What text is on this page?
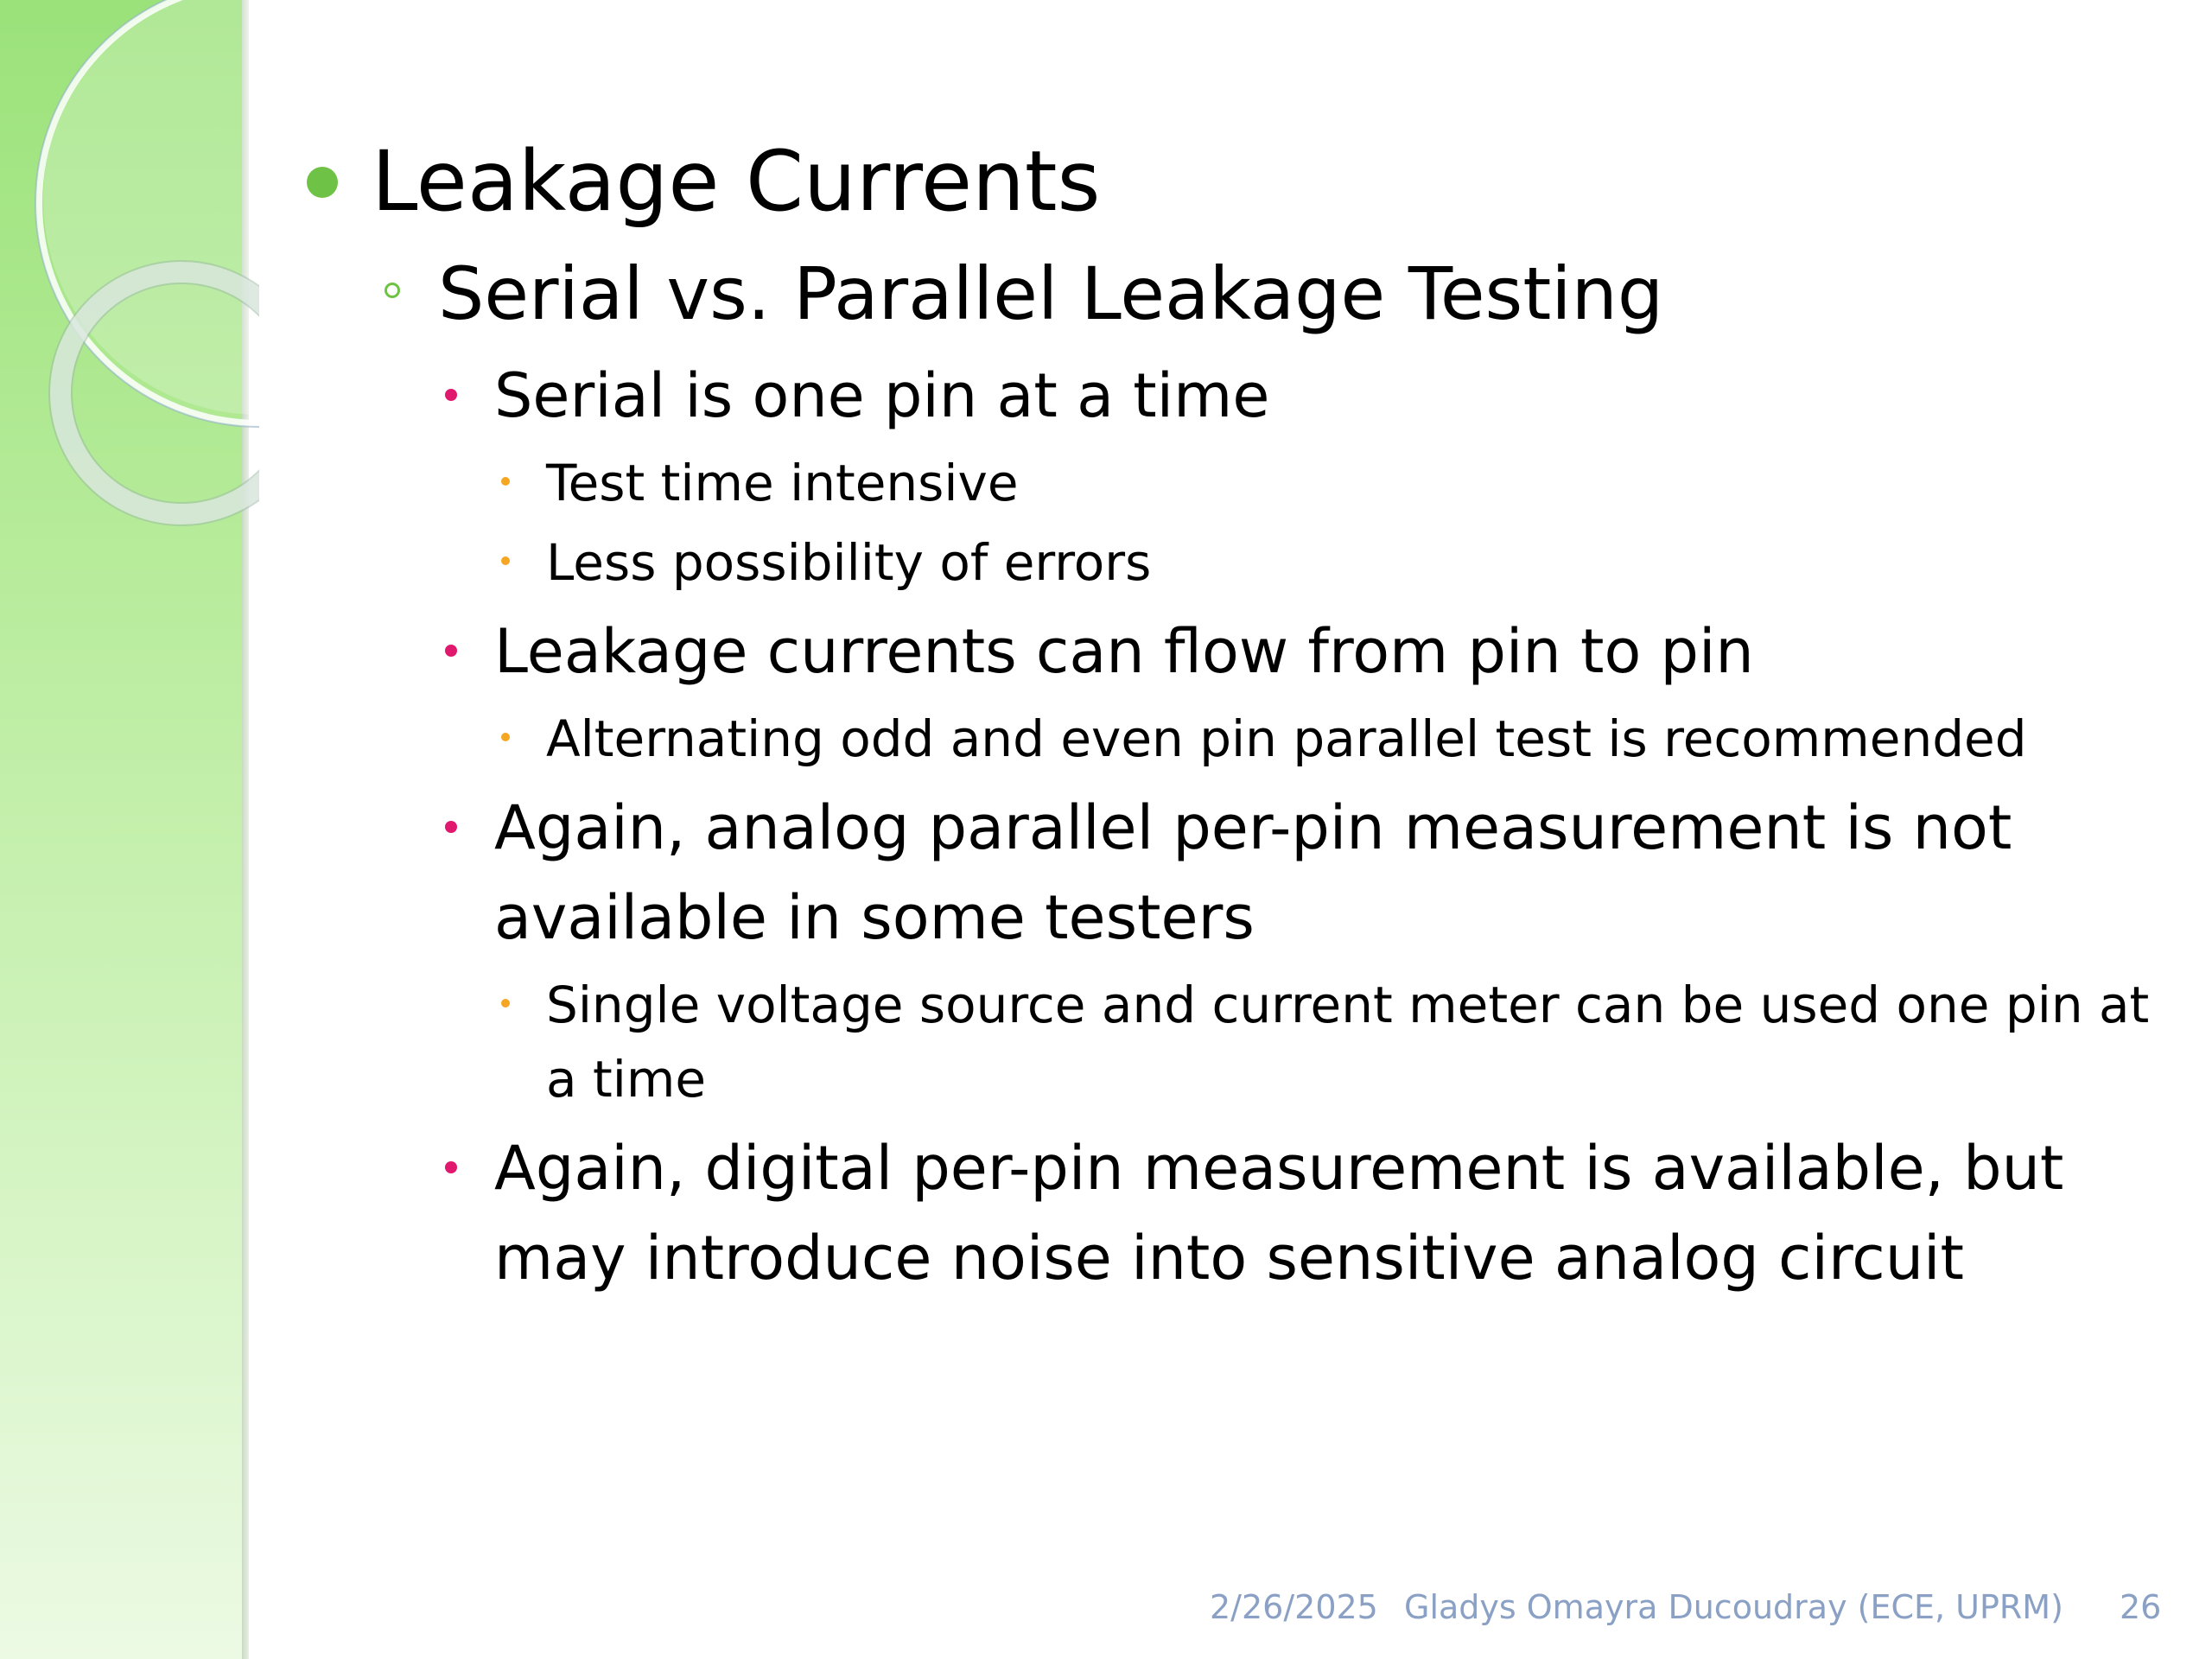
Leakage Currents
Serial vs. Parallel Leakage Testing
Serial is one pin at a time
Test time intensive
Less possibility of errors
Leakage currents can flow from pin to pin
Alternating odd and even pin parallel test is recommended
Again, analog parallel per-pin measurement is not available in some testers
Single voltage source and current meter can be used one pin at a time
Again, digital per-pin measurement is available, but may introduce noise into sensitive analog circuit
2/26/2025 Gladys Omayra Ducoudray (ECE, UPRM) 26
